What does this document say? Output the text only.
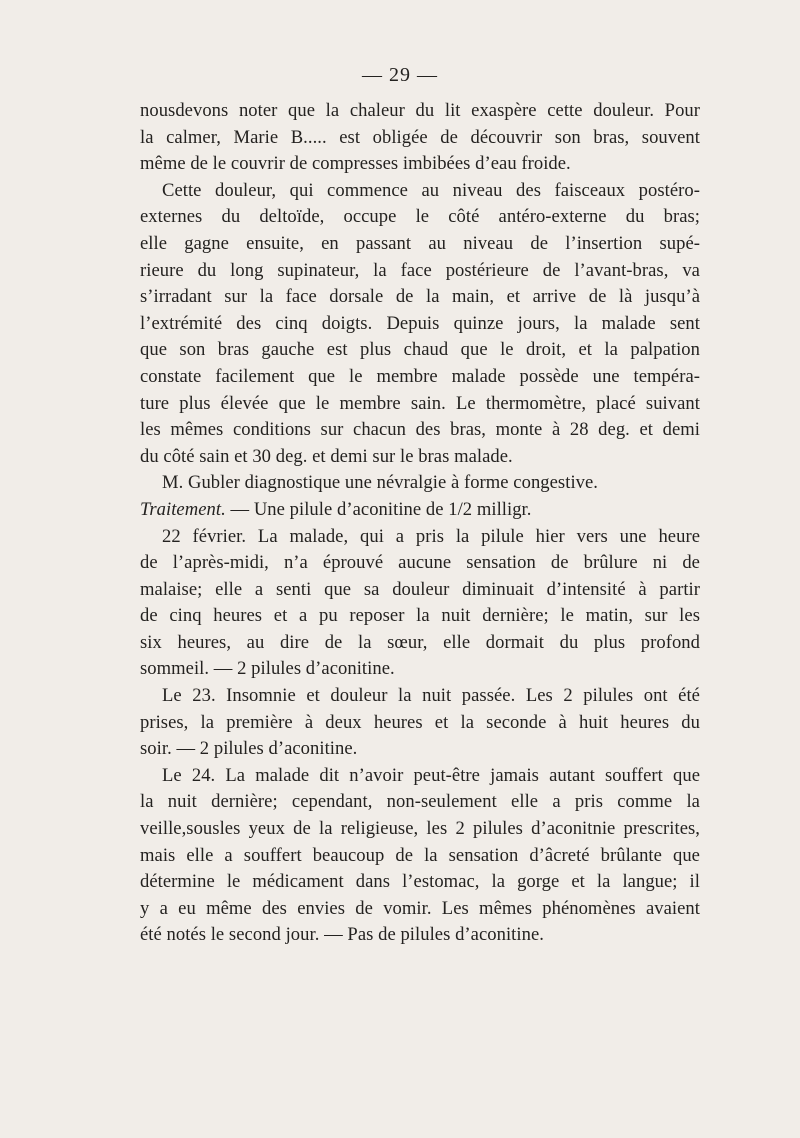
— 29 —
nousdevons noter que la chaleur du lit exaspère cette douleur. Pour
la calmer, Marie B..... est obligée de découvrir son bras, souvent
même de le couvrir de compresses imbibées d’eau froide.
Cette douleur, qui commence au niveau des faisceaux postéro-
externes du deltoïde, occupe le côté antéro-externe du bras;
elle gagne ensuite, en passant au niveau de l’insertion supé-
rieure du long supinateur, la face postérieure de l’avant-bras, va
s’irradant sur la face dorsale de la main, et arrive de là jusqu’à
l’extrémité des cinq doigts. Depuis quinze jours, la malade sent
que son bras gauche est plus chaud que le droit, et la palpation
constate facilement que le membre malade possède une tempéra-
ture plus élevée que le membre sain. Le thermomètre, placé suivant
les mêmes conditions sur chacun des bras, monte à 28 deg. et demi
du côté sain et 30 deg. et demi sur le bras malade.
M. Gubler diagnostique une névralgie à forme congestive.
Traitement. — Une pilule d’aconitine de 1/2 milligr.
22 février. La malade, qui a pris la pilule hier vers une heure
de l’après-midi, n’a éprouvé aucune sensation de brûlure ni de
malaise; elle a senti que sa douleur diminuait d’intensité à partir
de cinq heures et a pu reposer la nuit dernière; le matin, sur les
six heures, au dire de la sœur, elle dormait du plus profond
sommeil. — 2 pilules d’aconitine.
Le 23. Insomnie et douleur la nuit passée. Les 2 pilules ont été
prises, la première à deux heures et la seconde à huit heures du
soir. — 2 pilules d’aconitine.
Le 24. La malade dit n’avoir peut-être jamais autant souffert que
la nuit dernière; cependant, non-seulement elle a pris comme la
veille,sousles yeux de la religieuse, les 2 pilules d’aconitnie prescrites,
mais elle a souffert beaucoup de la sensation d’âcreté brûlante que
détermine le médicament dans l’estomac, la gorge et la langue; il
y a eu même des envies de vomir. Les mêmes phénomènes avaient
été notés le second jour. — Pas de pilules d’aconitine.
